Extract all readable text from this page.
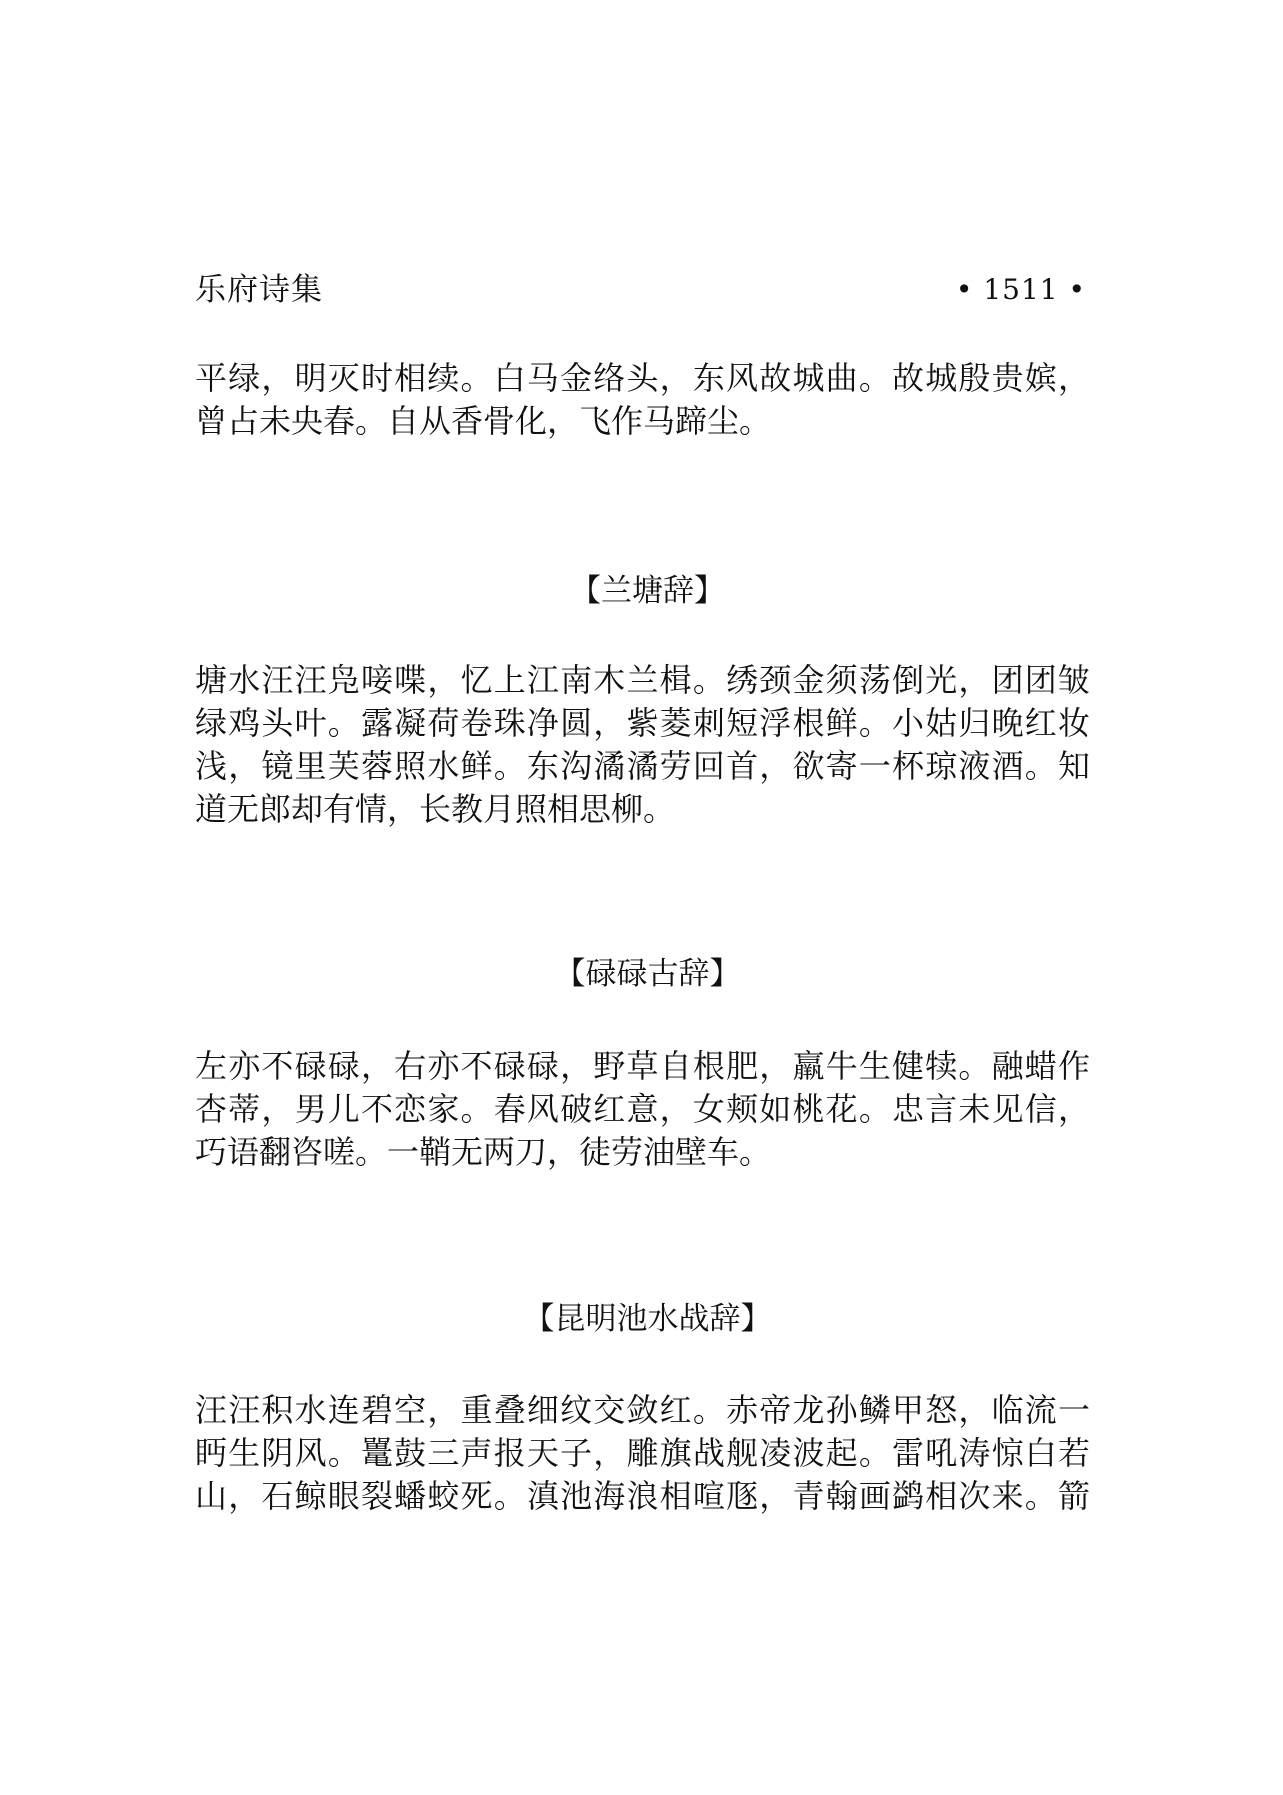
乐府诗集	• 1511 •
平绿，明灭时相续。白马金络头，东风故城曲。故城殷贵嫔，
曾占未央春。自从香骨化，飞作马蹄尘。
【兰塘辞】
塘水汪汪凫唼喋，忆上江南木兰楫。绣颈金须荡倒光，团团皱
绿鸡头叶。露凝荷卷珠净圆，紫菱刺短浮根鲜。小姑归晚红妆
浅，镜里芙蓉照水鲜。东沟潏潏劳回首，欲寄一杯琼液酒。知
道无郎却有情，长教月照相思柳。
【碌碌古辞】
左亦不碌碌，右亦不碌碌，野草自根肥，羸牛生健犊。融蜡作
杏蒂，男儿不恋家。春风破红意，女颊如桃花。忠言未见信，
巧语翻咨嗟。一鞘无两刀，徒劳油壁车。
【昆明池水战辞】
汪汪积水连碧空，重叠细纹交敛红。赤帝龙孙鳞甲怒，临流一
眄生阴风。鼍鼓三声报天子，雕旗战舰凌波起。雷吼涛惊白若
山，石鲸眼裂蟠蛟死。滇池海浪相喧豗，青翰画鹢相次来。箭
